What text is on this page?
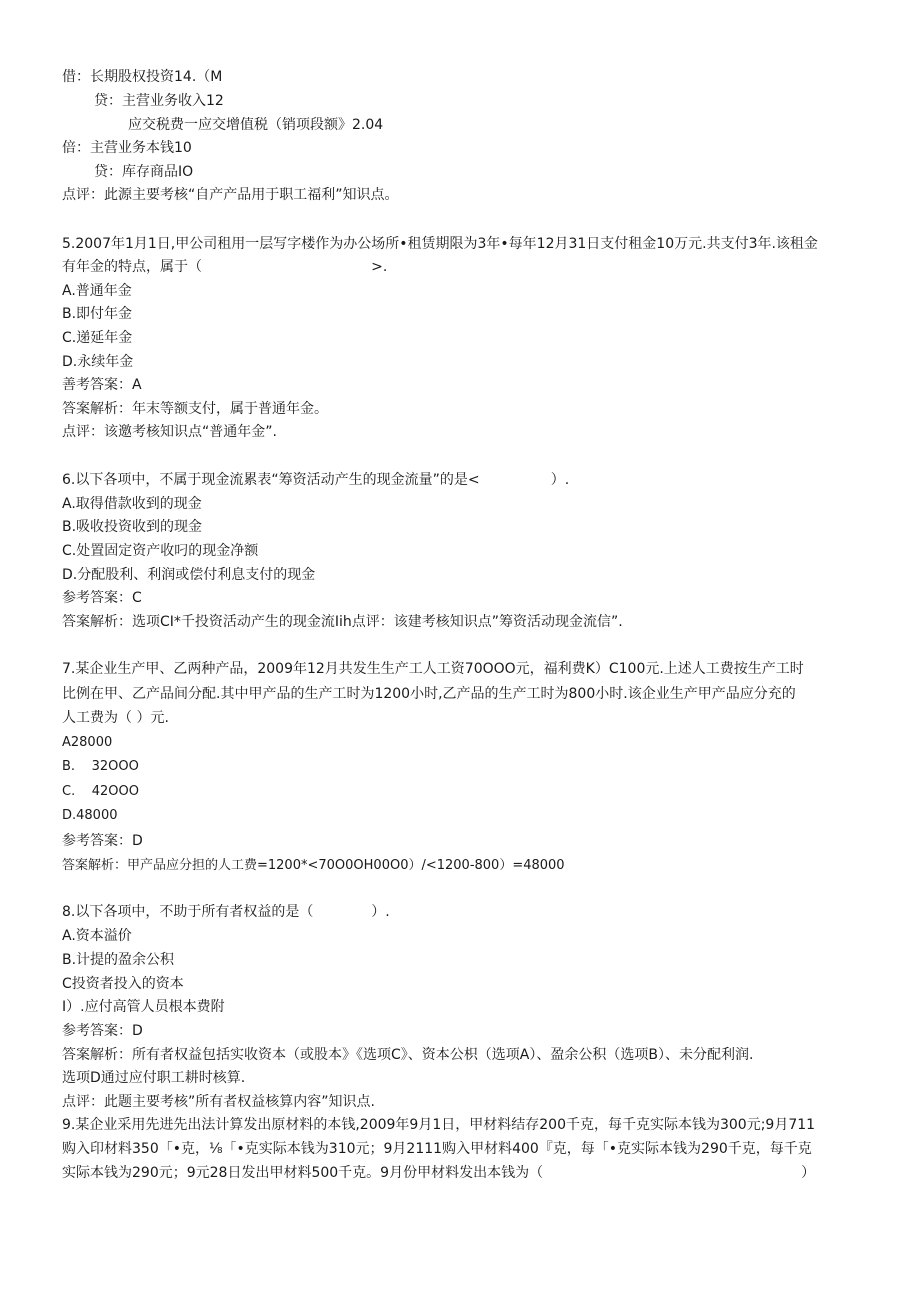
借：长期股权投资14.（M
贷：主营业务收入12
应交税费一应交增值税（销项段额》2.04
倍：主营业务本钱10
贷：库存商品IO
点评：此源主要考核“自产产品用于职工福利”知识点。
5.2007年1月1日,甲公司租用一层写字楼作为办公场所•租赁期限为3年•每年12月31日支付租金10万元.共支付3年.该租金
有年金的特点，属于（                                      >.
A.普通年金
B.即付年金
C.递延年金
D.永续年金
善考答案：A
答案解析：年末等额支付，属于普通年金。
点评：该邀考核知识点“普通年金”.
6.以下各项中，不属于现金流累表“筹资活动产生的现金流量”的是<                ）.
A.取得借款收到的现金
B.吸收投资收到的现金
C.处置固定资产收叼的现金净额
D.分配股利、利润或偿付利息支付的现金
参考答案：C
答案解析：选项CI*千投资活动产生的现金流Iih点评：该建考核知识点”筹资活动现金流信”.
7.某企业生产甲、乙两种产品，2009年12月共发生生产工人工资70OOO元，福利费K）C100元.上述人工费按生产工时
比例在甲、乙产品间分配.其中甲产品的生产工时为1200小时,乙产品的生产工时为800小时.该企业生产甲产品应分充的
人工费为（ ）元.
A28000
B.    32OOO
C.    42OOO
D.48000
参考答案：D
答案解析：甲产品应分担的人工费=1200*<70O0OH00O0）/<1200-800）=48000
8.以下各项中，不助于所有者权益的是（             ）.
A.资本溢价
B.计提的盈余公积
C投资者投入的资本
I）.应付高管人员根本费附
参考答案：D
答案解析：所有者权益包括实收资本（或股本》《选项C》、资本公枳（选项A）、盈余公积（选项B）、未分配利润.
选项D通过应付职工耕时核算.
点评：此题主要考核”所有者权益核算内容”知识点.
9.某企业采用先进先出法计算发出原材料的本钱,2009年9月1日，甲材料结存200千克，每千克实际本钱为300元;9月711
购入印材料350「•克，⅛「•克实际本钱为310元；9月2111购入甲材料400『克，每「•克实际本钱为290千克，每千克
实际本钱为290元；9元28日发出甲材料500千克。9月份甲材料发出本钱为（                                                          ）
